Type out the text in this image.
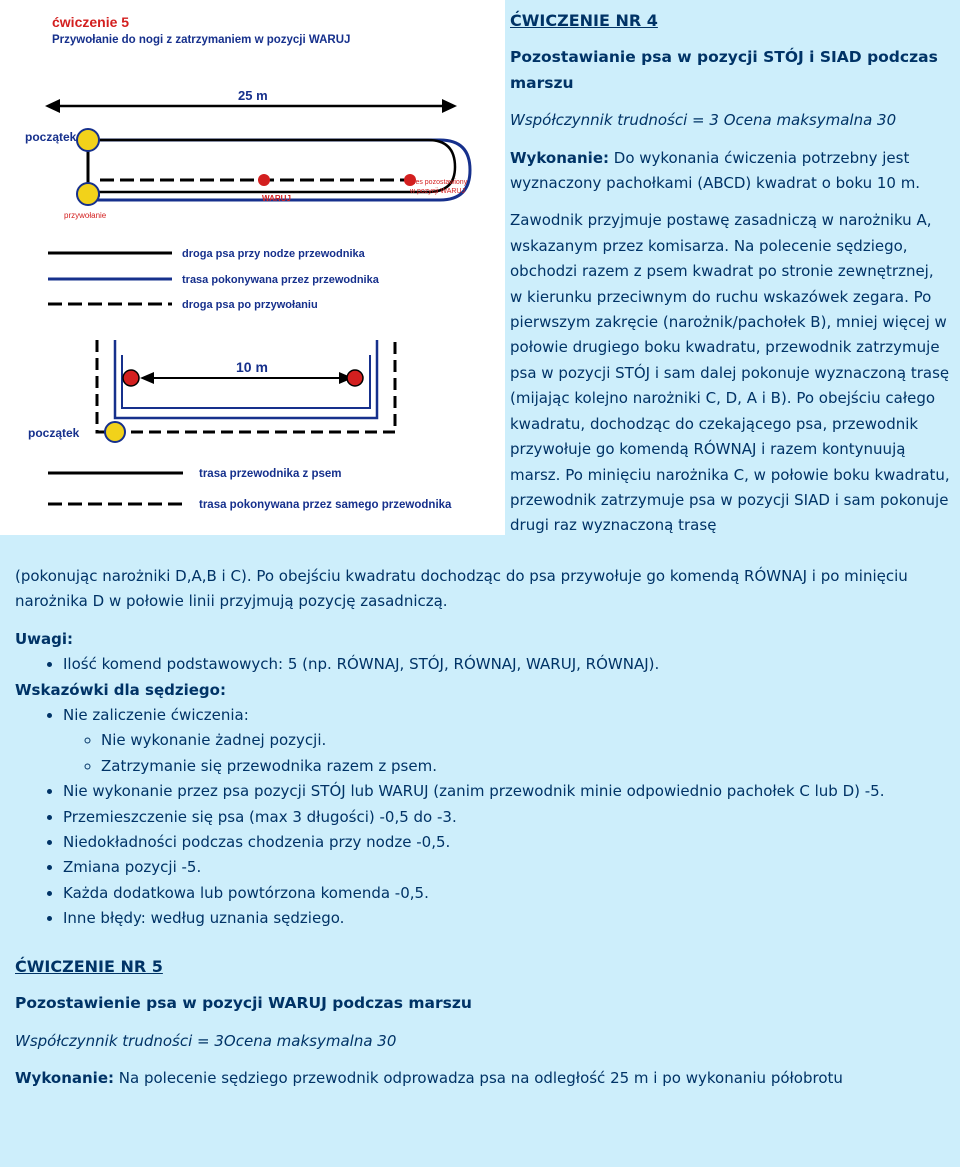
ćwiczenie 5
Przywołanie do nogi z zatrzymaniem w pozycji WARUJ
25 m
początek
WARUJ
pies pozostawiony
w pozycji WARUJ
przywołanie
droga psa przy nodze przewodnika
trasa pokonywana przez przewodnika
droga psa po przywołaniu
10 m
początek
trasa przewodnika z psem
trasa pokonywana przez samego przewodnika

ĆWICZENIE NR 4

Pozostawianie psa w pozycji STÓJ i SIAD podczas marszu

Współczynnik trudności = 3 Ocena maksymalna 30

Wykonanie: Do wykonania ćwiczenia potrzebny jest wyznaczony pachołkami (ABCD) kwadrat o boku 10 m.

Zawodnik przyjmuje postawę zasadniczą w narożniku A, wskazanym przez komisarza. Na polecenie sędziego, obchodzi razem z psem kwadrat po stronie zewnętrznej, w kierunku przeciwnym do ruchu wskazówek zegara. Po pierwszym zakręcie (narożnik/pachołek B), mniej więcej w połowie drugiego boku kwadratu, przewodnik zatrzymuje psa w pozycji STÓJ i sam dalej pokonuje wyznaczoną trasę (mijając kolejno narożniki C, D, A i B). Po obejściu całego kwadratu, dochodząc do czekającego psa, przewodnik przywołuje go komendą RÓWNAJ i razem kontynuują marsz. Po minięciu narożnika C, w połowie boku kwadratu, przewodnik zatrzymuje psa w pozycji SIAD i sam pokonuje drugi raz wyznaczoną trasę

(pokonując narożniki D,A,B i C). Po obejściu kwadratu dochodząc do psa przywołuje go komendą RÓWNAJ i po minięciu narożnika D w połowie linii przyjmują pozycję zasadniczą.

Uwagi:

• Ilość komend podstawowych: 5 (np. RÓWNAJ, STÓJ, RÓWNAJ, WARUJ, RÓWNAJ).

Wskazówki dla sędziego:

• Nie zaliczenie ćwiczenia:
◦ Nie wykonanie żadnej pozycji.
◦ Zatrzymanie się przewodnika razem z psem.
• Nie wykonanie przez psa pozycji STÓJ lub WARUJ (zanim przewodnik minie odpowiednio pachołek C lub D) -5.
• Przemieszczenie się psa (max 3 długości) -0,5 do -3.
• Niedokładności podczas chodzenia przy nodze -0,5.
• Zmiana pozycji -5.
• Każda dodatkowa lub powtórzona komenda -0,5.
• Inne błędy: według uznania sędziego.

ĆWICZENIE NR 5

Pozostawienie psa w pozycji WARUJ podczas marszu

Współczynnik trudności = 3Ocena maksymalna 30

Wykonanie: Na polecenie sędziego przewodnik odprowadza psa na odległość 25 m i po wykonaniu półobrotu
